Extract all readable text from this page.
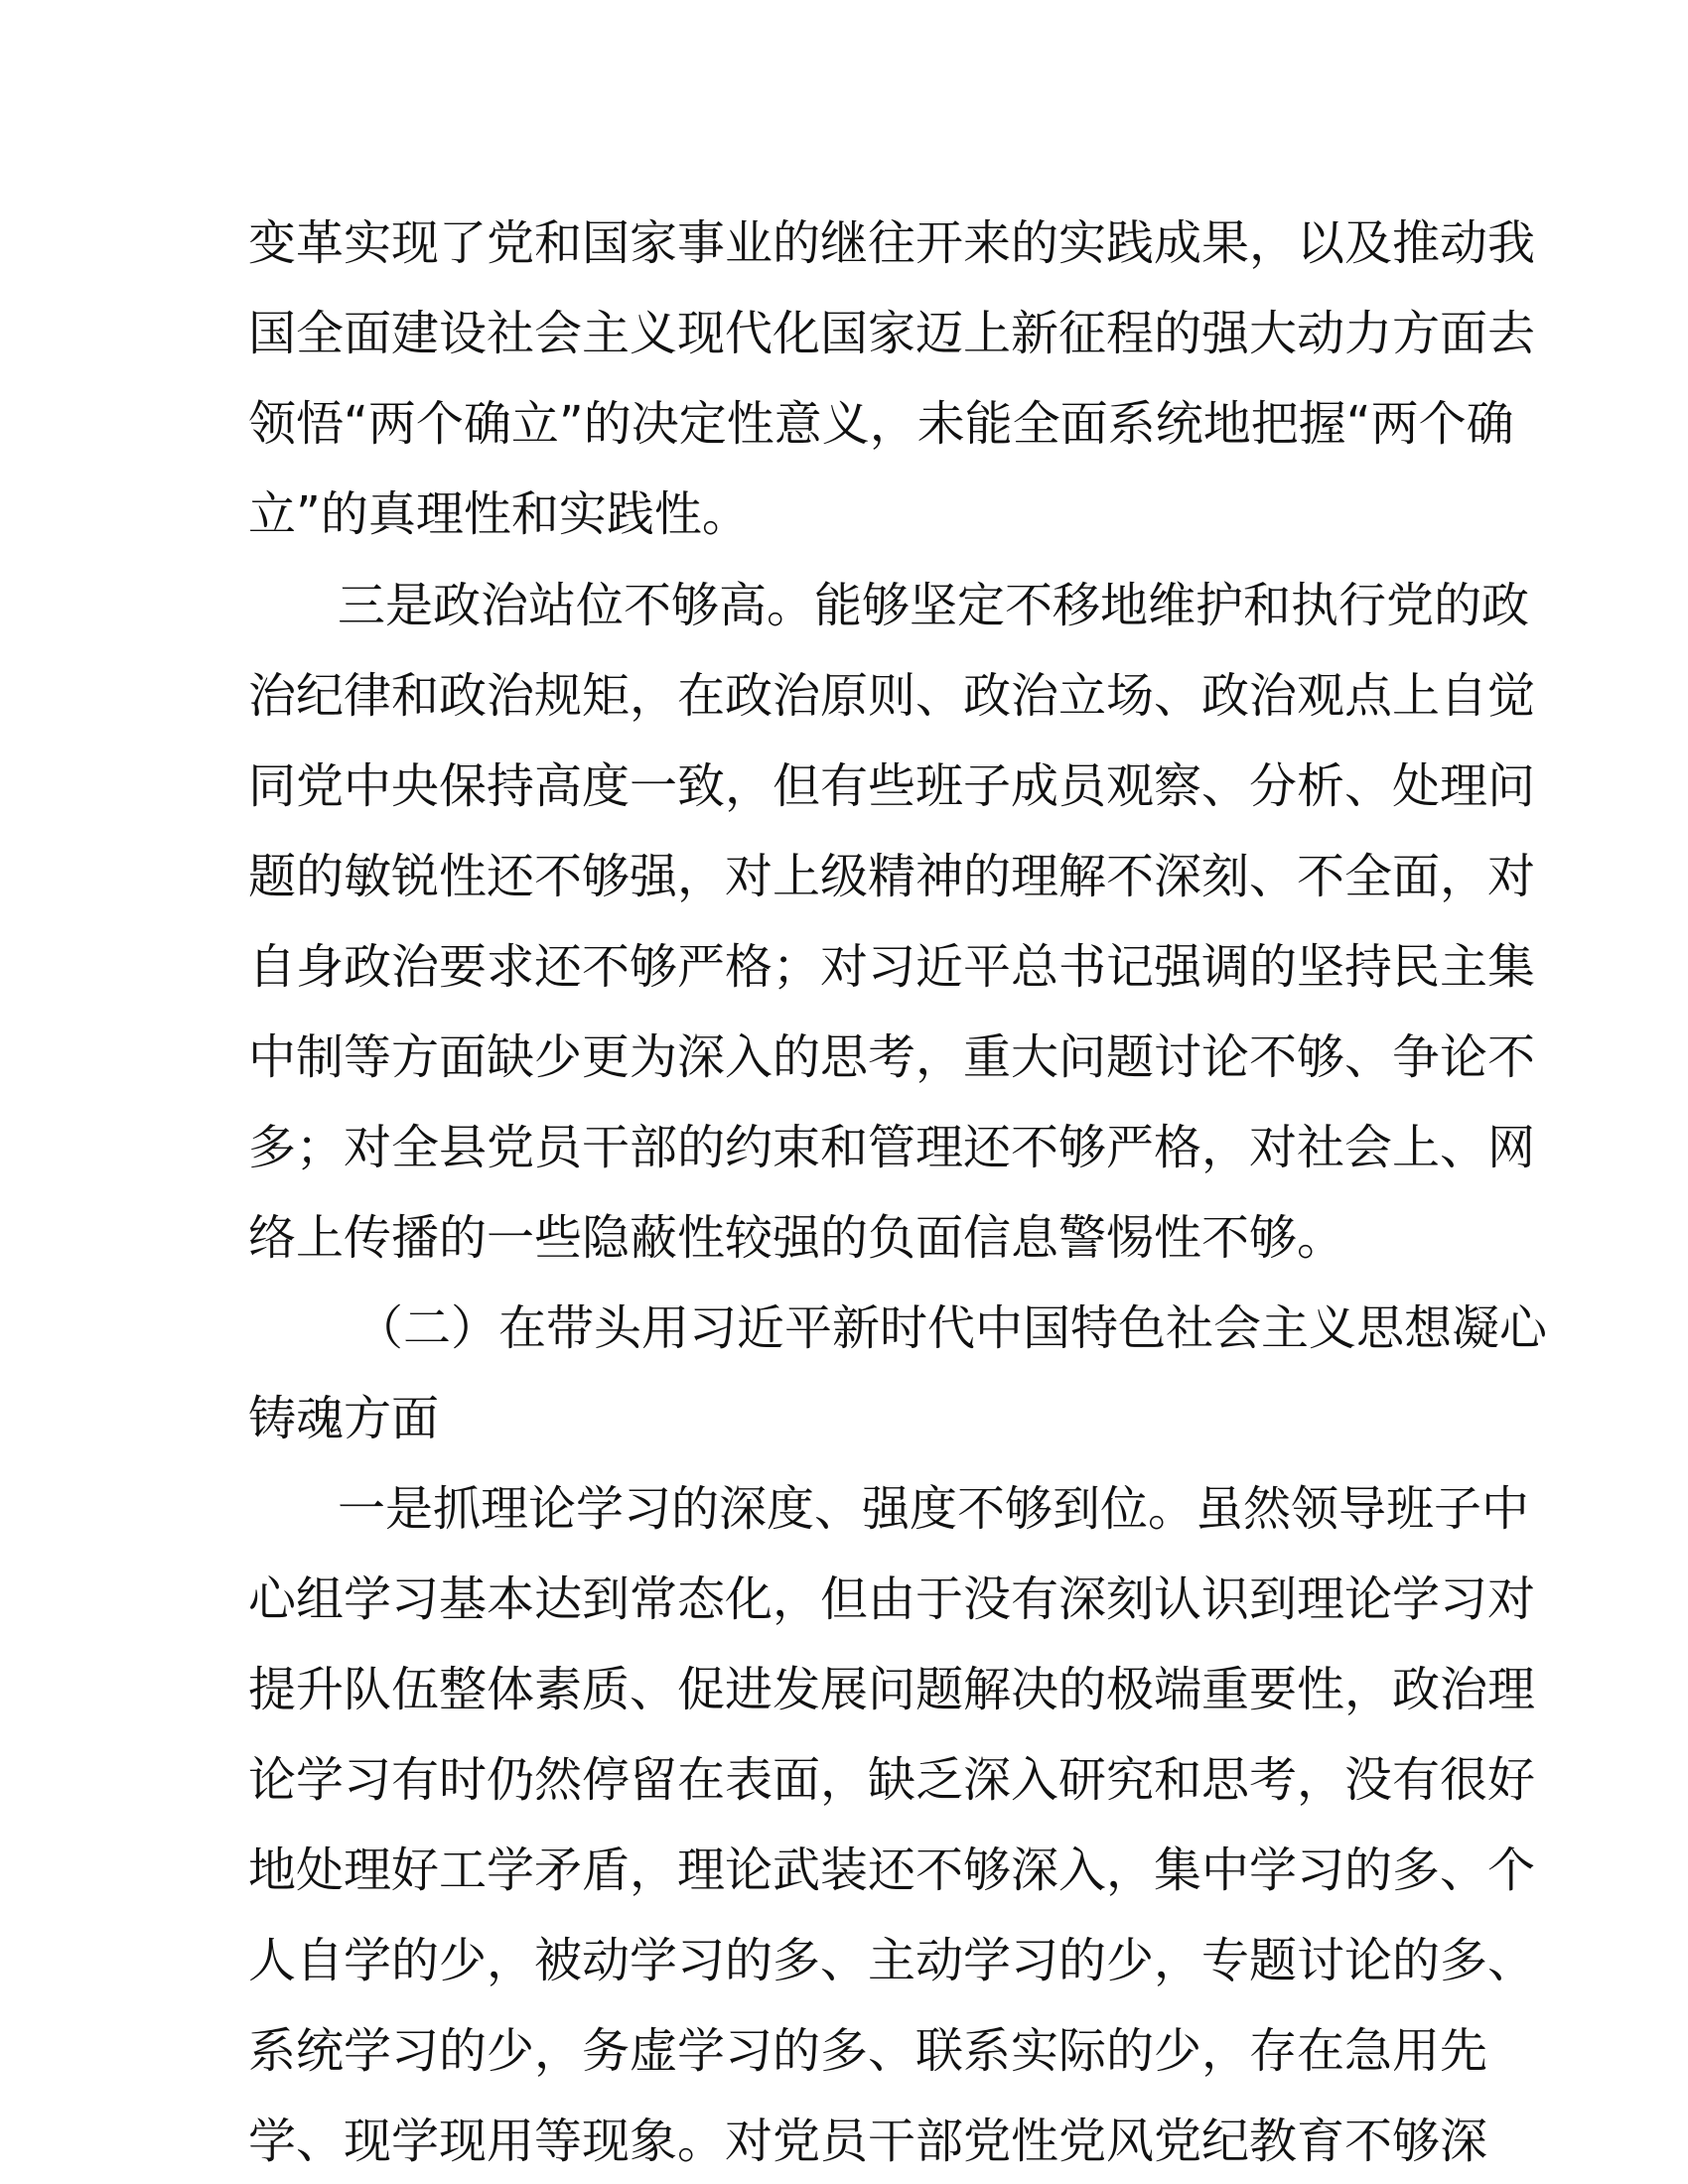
变革实现了党和国家事业的继往开来的实践成果，以及推动我
国全面建设社会主义现代化国家迈上新征程的强大动力方面去
领悟“两个确立”的决定性意义，未能全面系统地把握“两个确
立”的真理性和实践性。
三是政治站位不够高。能够坚定不移地维护和执行党的政
治纪律和政治规矩，在政治原则、政治立场、政治观点上自觉
同党中央保持高度一致，但有些班子成员观察、分析、处理问
题的敏锐性还不够强，对上级精神的理解不深刻、不全面，对
自身政治要求还不够严格；对习近平总书记强调的坚持民主集
中制等方面缺少更为深入的思考，重大问题讨论不够、争论不
多；对全县党员干部的约束和管理还不够严格，对社会上、网
络上传播的一些隐蔽性较强的负面信息警惕性不够。
（二）在带头用习近平新时代中国特色社会主义思想凝心
铸魂方面
一是抓理论学习的深度、强度不够到位。虽然领导班子中
心组学习基本达到常态化，但由于没有深刻认识到理论学习对
提升队伍整体素质、促进发展问题解决的极端重要性，政治理
论学习有时仍然停留在表面，缺乏深入研究和思考，没有很好
地处理好工学矛盾，理论武装还不够深入，集中学习的多、个
人自学的少，被动学习的多、主动学习的少，专题讨论的多、
系统学习的少，务虚学习的多、联系实际的少，存在急用先
学、现学现用等现象。对党员干部党性党风党纪教育不够深
